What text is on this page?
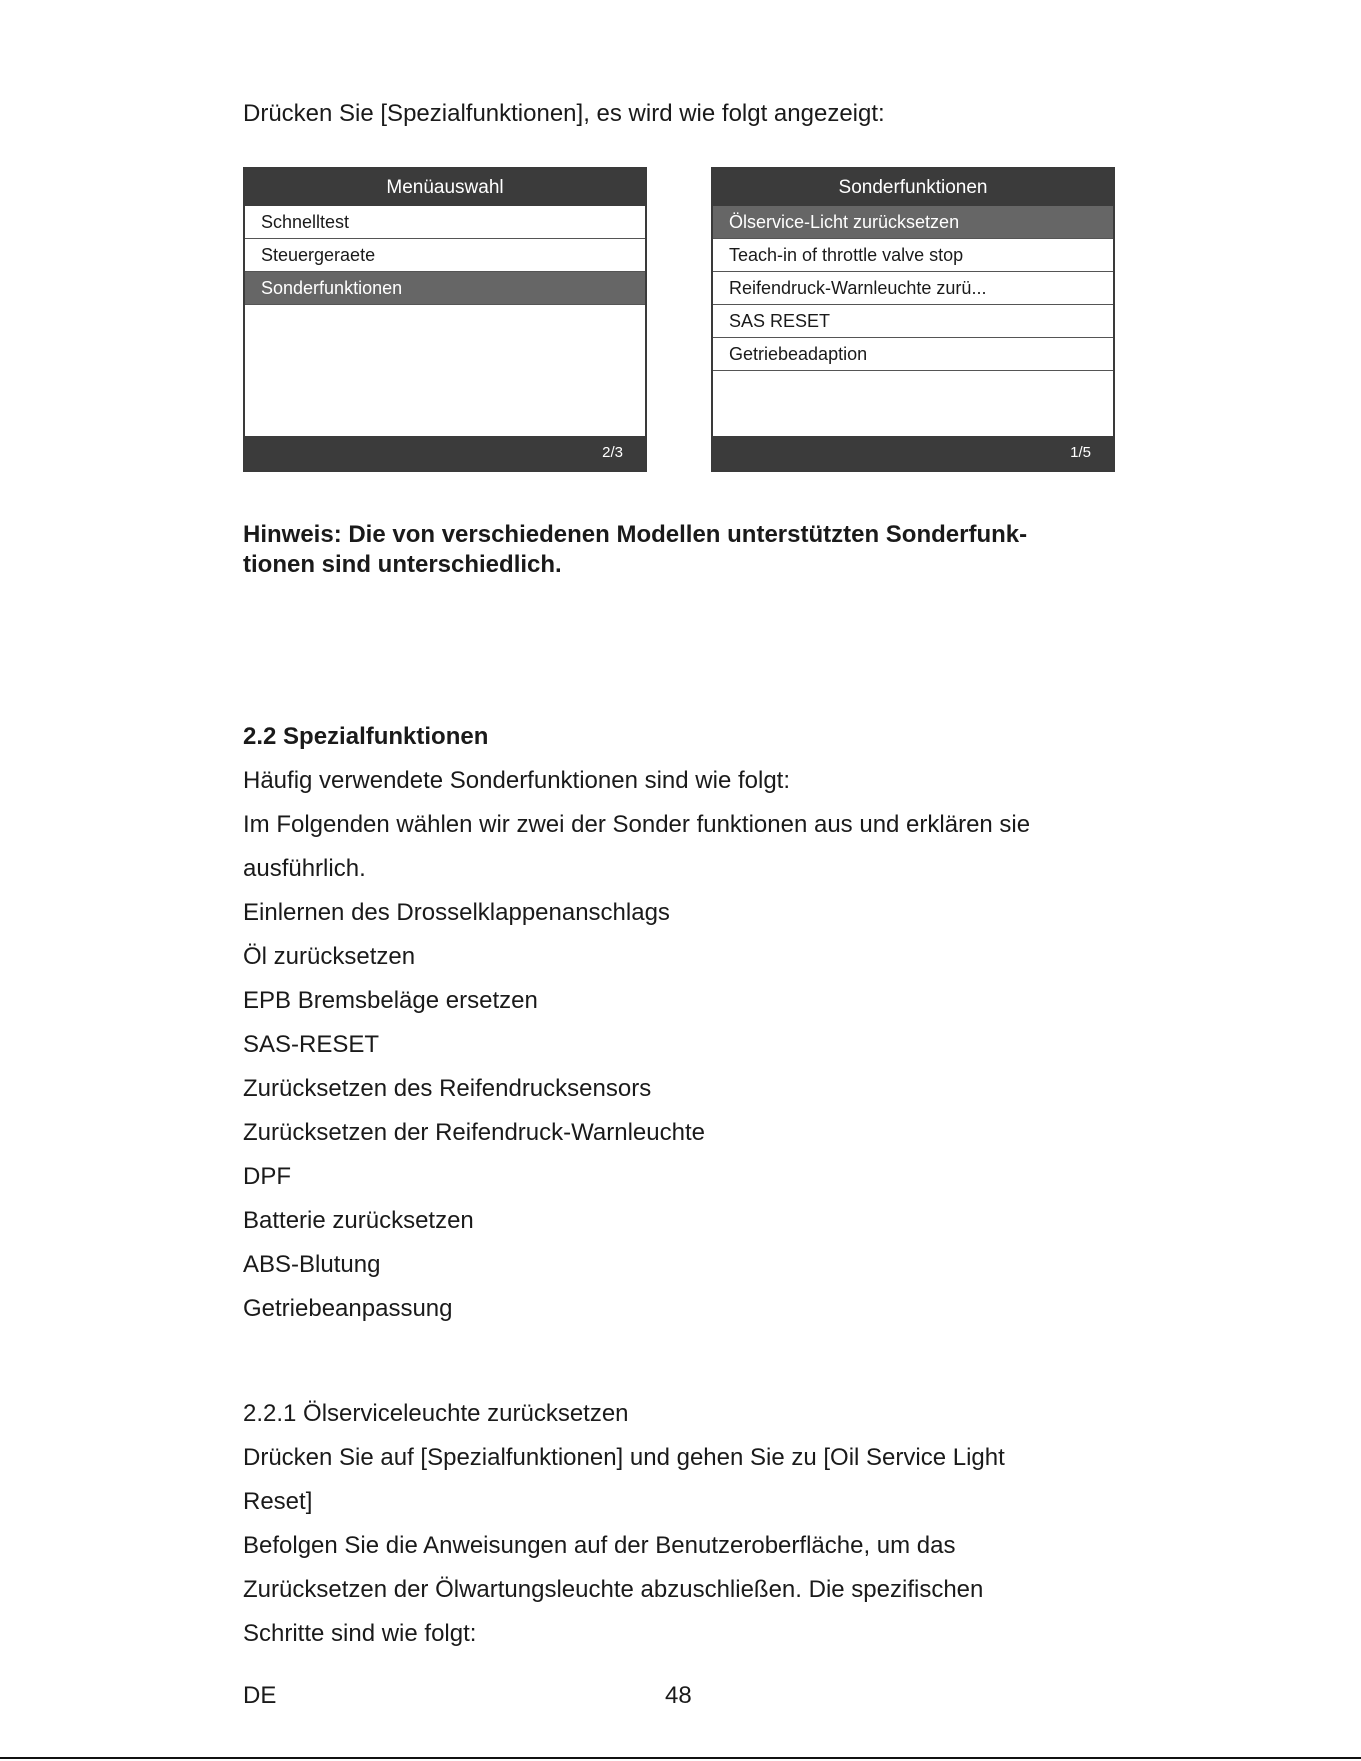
Drücken Sie [Spezialfunktionen], es wird wie folgt angezeigt:
Menüauswahl
Schnelltest
Steuergeraete
Sonderfunktionen
2/3
Sonderfunktionen
Ölservice-Licht zurücksetzen
Teach-in of throttle valve stop
Reifendruck-Warnleuchte zurü...
SAS RESET
Getriebeadaption
1/5
Hinweis: Die von verschiedenen Modellen unterstützten Sonderfunk-
tionen sind unterschiedlich.
2.2 Spezialfunktionen
Häufig verwendete Sonderfunktionen sind wie folgt:
Im Folgenden wählen wir zwei der Sonder funktionen aus und erklären sie
ausführlich.
Einlernen des Drosselklappenanschlags
Öl zurücksetzen
EPB Bremsbeläge ersetzen
SAS-RESET
Zurücksetzen des Reifendrucksensors
Zurücksetzen der Reifendruck-Warnleuchte
DPF
Batterie zurücksetzen
ABS-Blutung
Getriebeanpassung
2.2.1 Ölserviceleuchte zurücksetzen
Drücken Sie auf [Spezialfunktionen] und gehen Sie zu [Oil Service Light
Reset]
Befolgen Sie die Anweisungen auf der Benutzeroberfläche, um das
Zurücksetzen der Ölwartungsleuchte abzuschließen. Die spezifischen
Schritte sind wie folgt:
DE	48
